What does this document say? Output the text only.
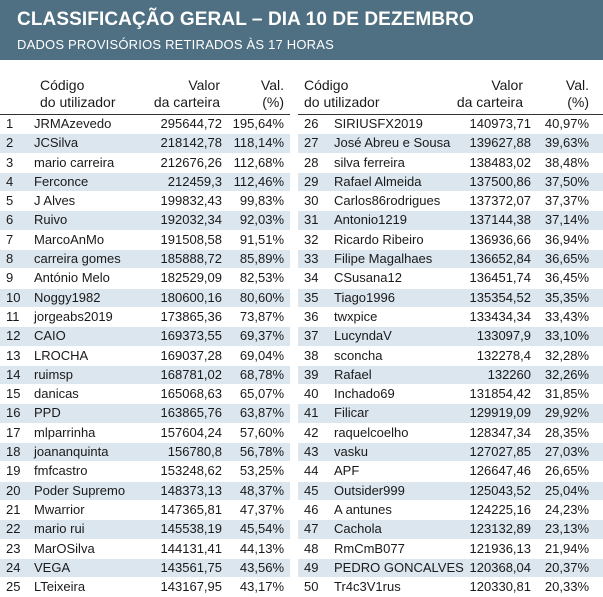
CLASSIFICAÇÃO GERAL – DIA 10 DE DEZEMBRO
DADOS PROVISÓRIOS RETIRADOS ÀS 17 HORAS
Código
do utilizador
Valor
da carteira
Val.
(%)
1 JRMAzevedo	295644,72 195,64%
2 JCSilva	218142,78 118,14%
3 mario carreira	212676,26 112,68%
4 Ferconce	212459,3 112,46%
5 J Alves	199832,43 99,83%
6 Ruivo	192032,34 92,03%
7 MarcoAnMo	191508,58 91,51%
8 carreira gomes	185888,72 85,89%
9 António Melo	182529,09 82,53%
10 Noggy1982	180600,16 80,60%
11 jorgeabs2019	173865,36 73,87%
12 CAIO	169373,55 69,37%
13 LROCHA	169037,28 69,04%
14 ruimsp	168781,02 68,78%
15 danicas	165068,63 65,07%
16 PPD	163865,76 63,87%
17 mlparrinha	157604,24 57,60%
18 joananquinta	156780,8 56,78%
19 fmfcastro	153248,62 53,25%
20 Poder Supremo	148373,13 48,37%
21 Mwarrior	147365,81 47,37%
22 mario rui	145538,19 45,54%
23 MarOSilva	144131,41 44,13%
24 VEGA	143561,75 43,56%
25 LTeixeira	143167,95 43,17%
Código
do utilizador
Valor
da carteira
Val.
(%)
26 SIRIUSFX2019	140973,71 40,97%
27 José Abreu e Sousa 139627,88 39,63%
28 silva ferreira	138483,02 38,48%
29 Rafael Almeida	137500,86 37,50%
30 Carlos86rodrigues 137372,07 37,37%
31 Antonio1219	137144,38 37,14%
32 Ricardo Ribeiro	136936,66 36,94%
33 Filipe Magalhaes	136652,84 36,65%
34 CSusana12	136451,74 36,45%
35 Tiago1996	135354,52 35,35%
36 twxpice	133434,34 33,43%
37 LucyndaV	133097,9 33,10%
38 sconcha	132278,4 32,28%
39 Rafael	132260 32,26%
40 Inchado69	131854,42 31,85%
41 Filicar	129919,09 29,92%
42 raquelcoelho	128347,34 28,35%
43 vasku	127027,85 27,03%
44 APF	126647,46 26,65%
45 Outsider999	125043,52 25,04%
46 A antunes	124225,16 24,23%
47 Cachola	123132,89 23,13%
48 RmCmB077	121936,13 21,94%
49 PEDRO GONCALVES 120368,04 20,37%
50 Tr4c3V1rus	120330,81 20,33%
